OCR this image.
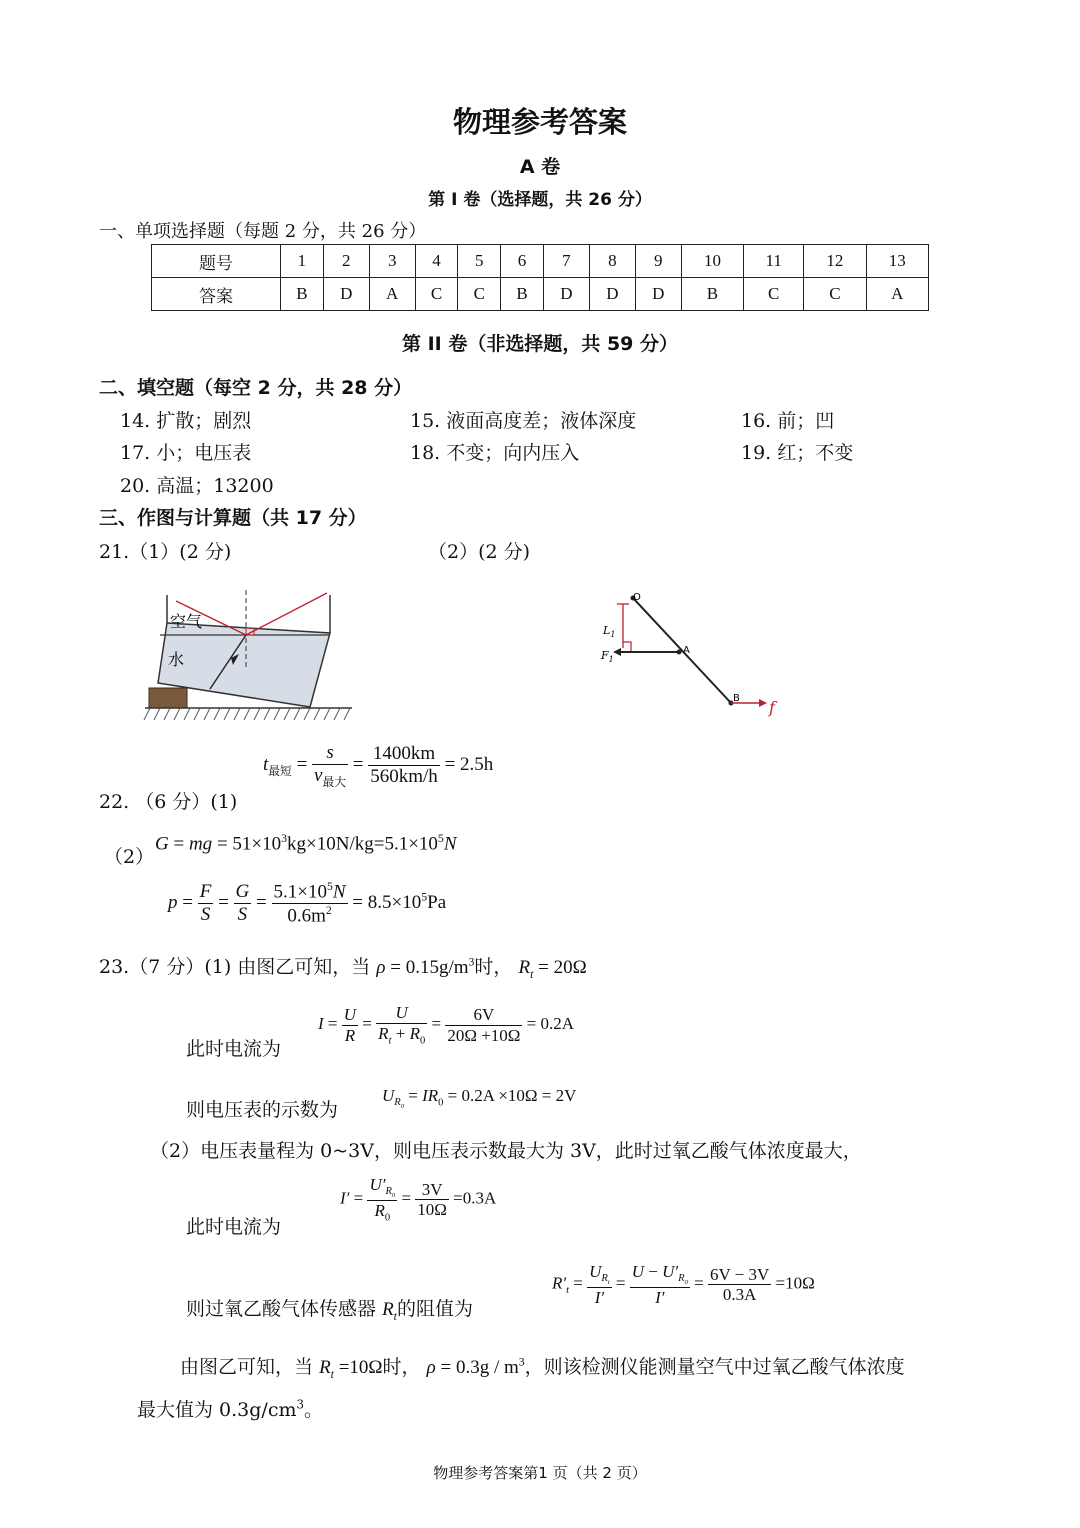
物理参考答案
A 卷
第 I 卷（选择题，共 26 分）
一、单项选择题（每题 2 分，共 26 分）
题号	1	2	3	4	5	6	7	8	9	10	11	12	13
答案	B	D	A	C	C	B	D	D	D	B	C	C	A
第 II 卷（非选择题，共 59 分）
二、填空题（每空 2 分，共 28 分）
14. 扩散；剧烈	15. 液面高度差；液体深度	16. 前；凹
17. 小；电压表	18. 不变；向内压入	19. 红；不变
20. 高温；13200
三、作图与计算题（共 17 分）
21.（1）(2 分)	（2）(2 分)
空气
水
O
A
$L_1$
$F_1$
B f
$t_{最短} = \frac{s}{v_{最大}} = \frac{1400km}{560km/h} = 2.5h$
22. （6 分）(1)
（2）
G = mg = $51\times 10^3kg\times 10N/kg=5.1\times 10^5N$
$p = \frac{F}{S} = \frac{G}{S} = \frac{5.1\times 10^5N}{0.6m^2} = 8.5\times 10^5Pa$
23.（7 分）(1) 由图乙可知，当 $\rho = 0.15g/m^3$时， $R_t = 20\Omega$
此时电流为
$I = \frac{U}{R} = \frac{U}{R_t + R_0} = \frac{6V}{20\Omega +10\Omega} = 0.2A$
则电压表的示数为
$U_{R_0} = IR_0 = 0.2A \times 10\Omega = 2V$
（2）电压表量程为 0~3V，则电压表示数最大为 3V，此时过氧乙酸气体浓度最大，
此时电流为
$I' = \frac{U'_{R_0}}{R_0} = \frac{3V}{10\Omega} =0.3A$
则过氧乙酸气体传感器 $R_t$的阻值为
$R'_t = \frac{U_{R_t}}{I'} = \frac{U - U'_{R_0}}{I'} = \frac{6V - 3V}{0.3A} =10\Omega$
由图乙可知，当 $R_t =10\Omega$时， $\rho = 0.3g / m^3$，则该检测仪能测量空气中过氧乙酸气体浓度
最大值为 $0.3g/cm^3$。
物理参考答案第1 页（共 2 页）
